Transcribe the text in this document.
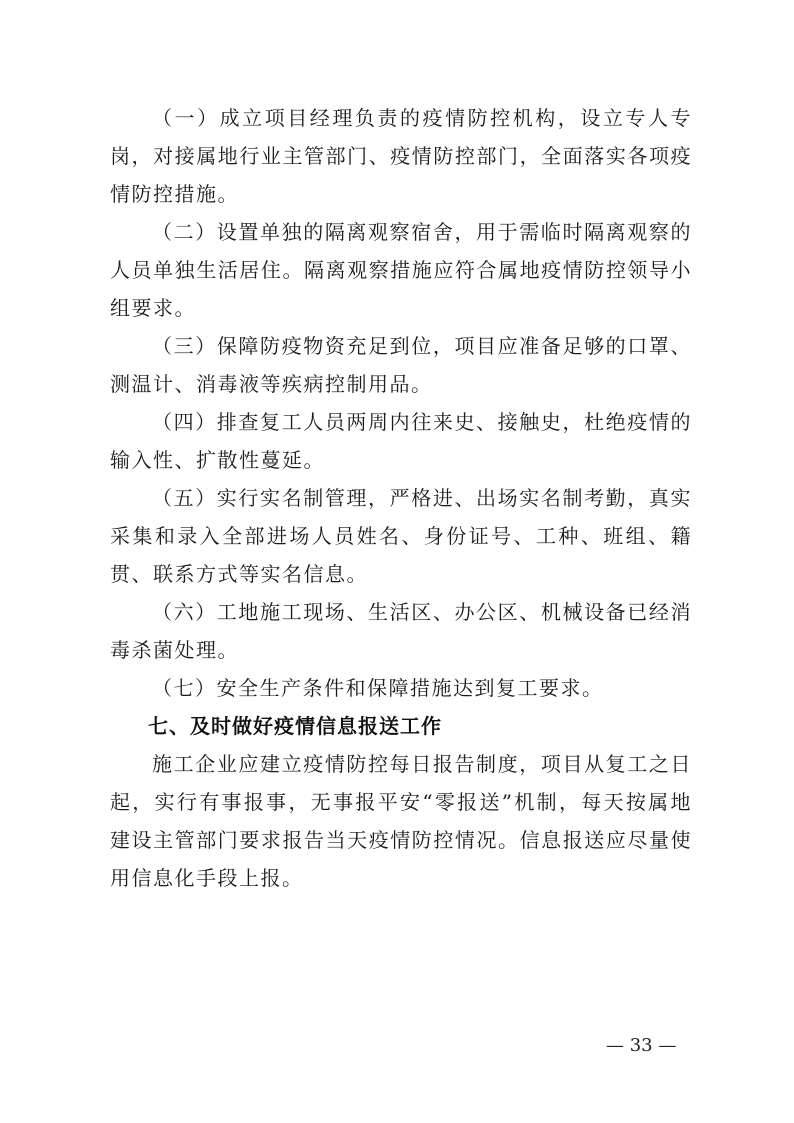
（一）成立项目经理负责的疫情防控机构，设立专人专岗，对接属地行业主管部门、疫情防控部门，全面落实各项疫情防控措施。

（二）设置单独的隔离观察宿舍，用于需临时隔离观察的人员单独生活居住。隔离观察措施应符合属地疫情防控领导小组要求。

（三）保障防疫物资充足到位，项目应准备足够的口罩、测温计、消毒液等疾病控制用品。

（四）排查复工人员两周内往来史、接触史，杜绝疫情的输入性、扩散性蔓延。

（五）实行实名制管理，严格进、出场实名制考勤，真实采集和录入全部进场人员姓名、身份证号、工种、班组、籍贯、联系方式等实名信息。

（六）工地施工现场、生活区、办公区、机械设备已经消毒杀菌处理。

（七）安全生产条件和保障措施达到复工要求。

七、及时做好疫情信息报送工作

施工企业应建立疫情防控每日报告制度，项目从复工之日起，实行有事报事，无事报平安“零报送”机制，每天按属地建设主管部门要求报告当天疫情防控情况。信息报送应尽量使用信息化手段上报。

— 33 —
